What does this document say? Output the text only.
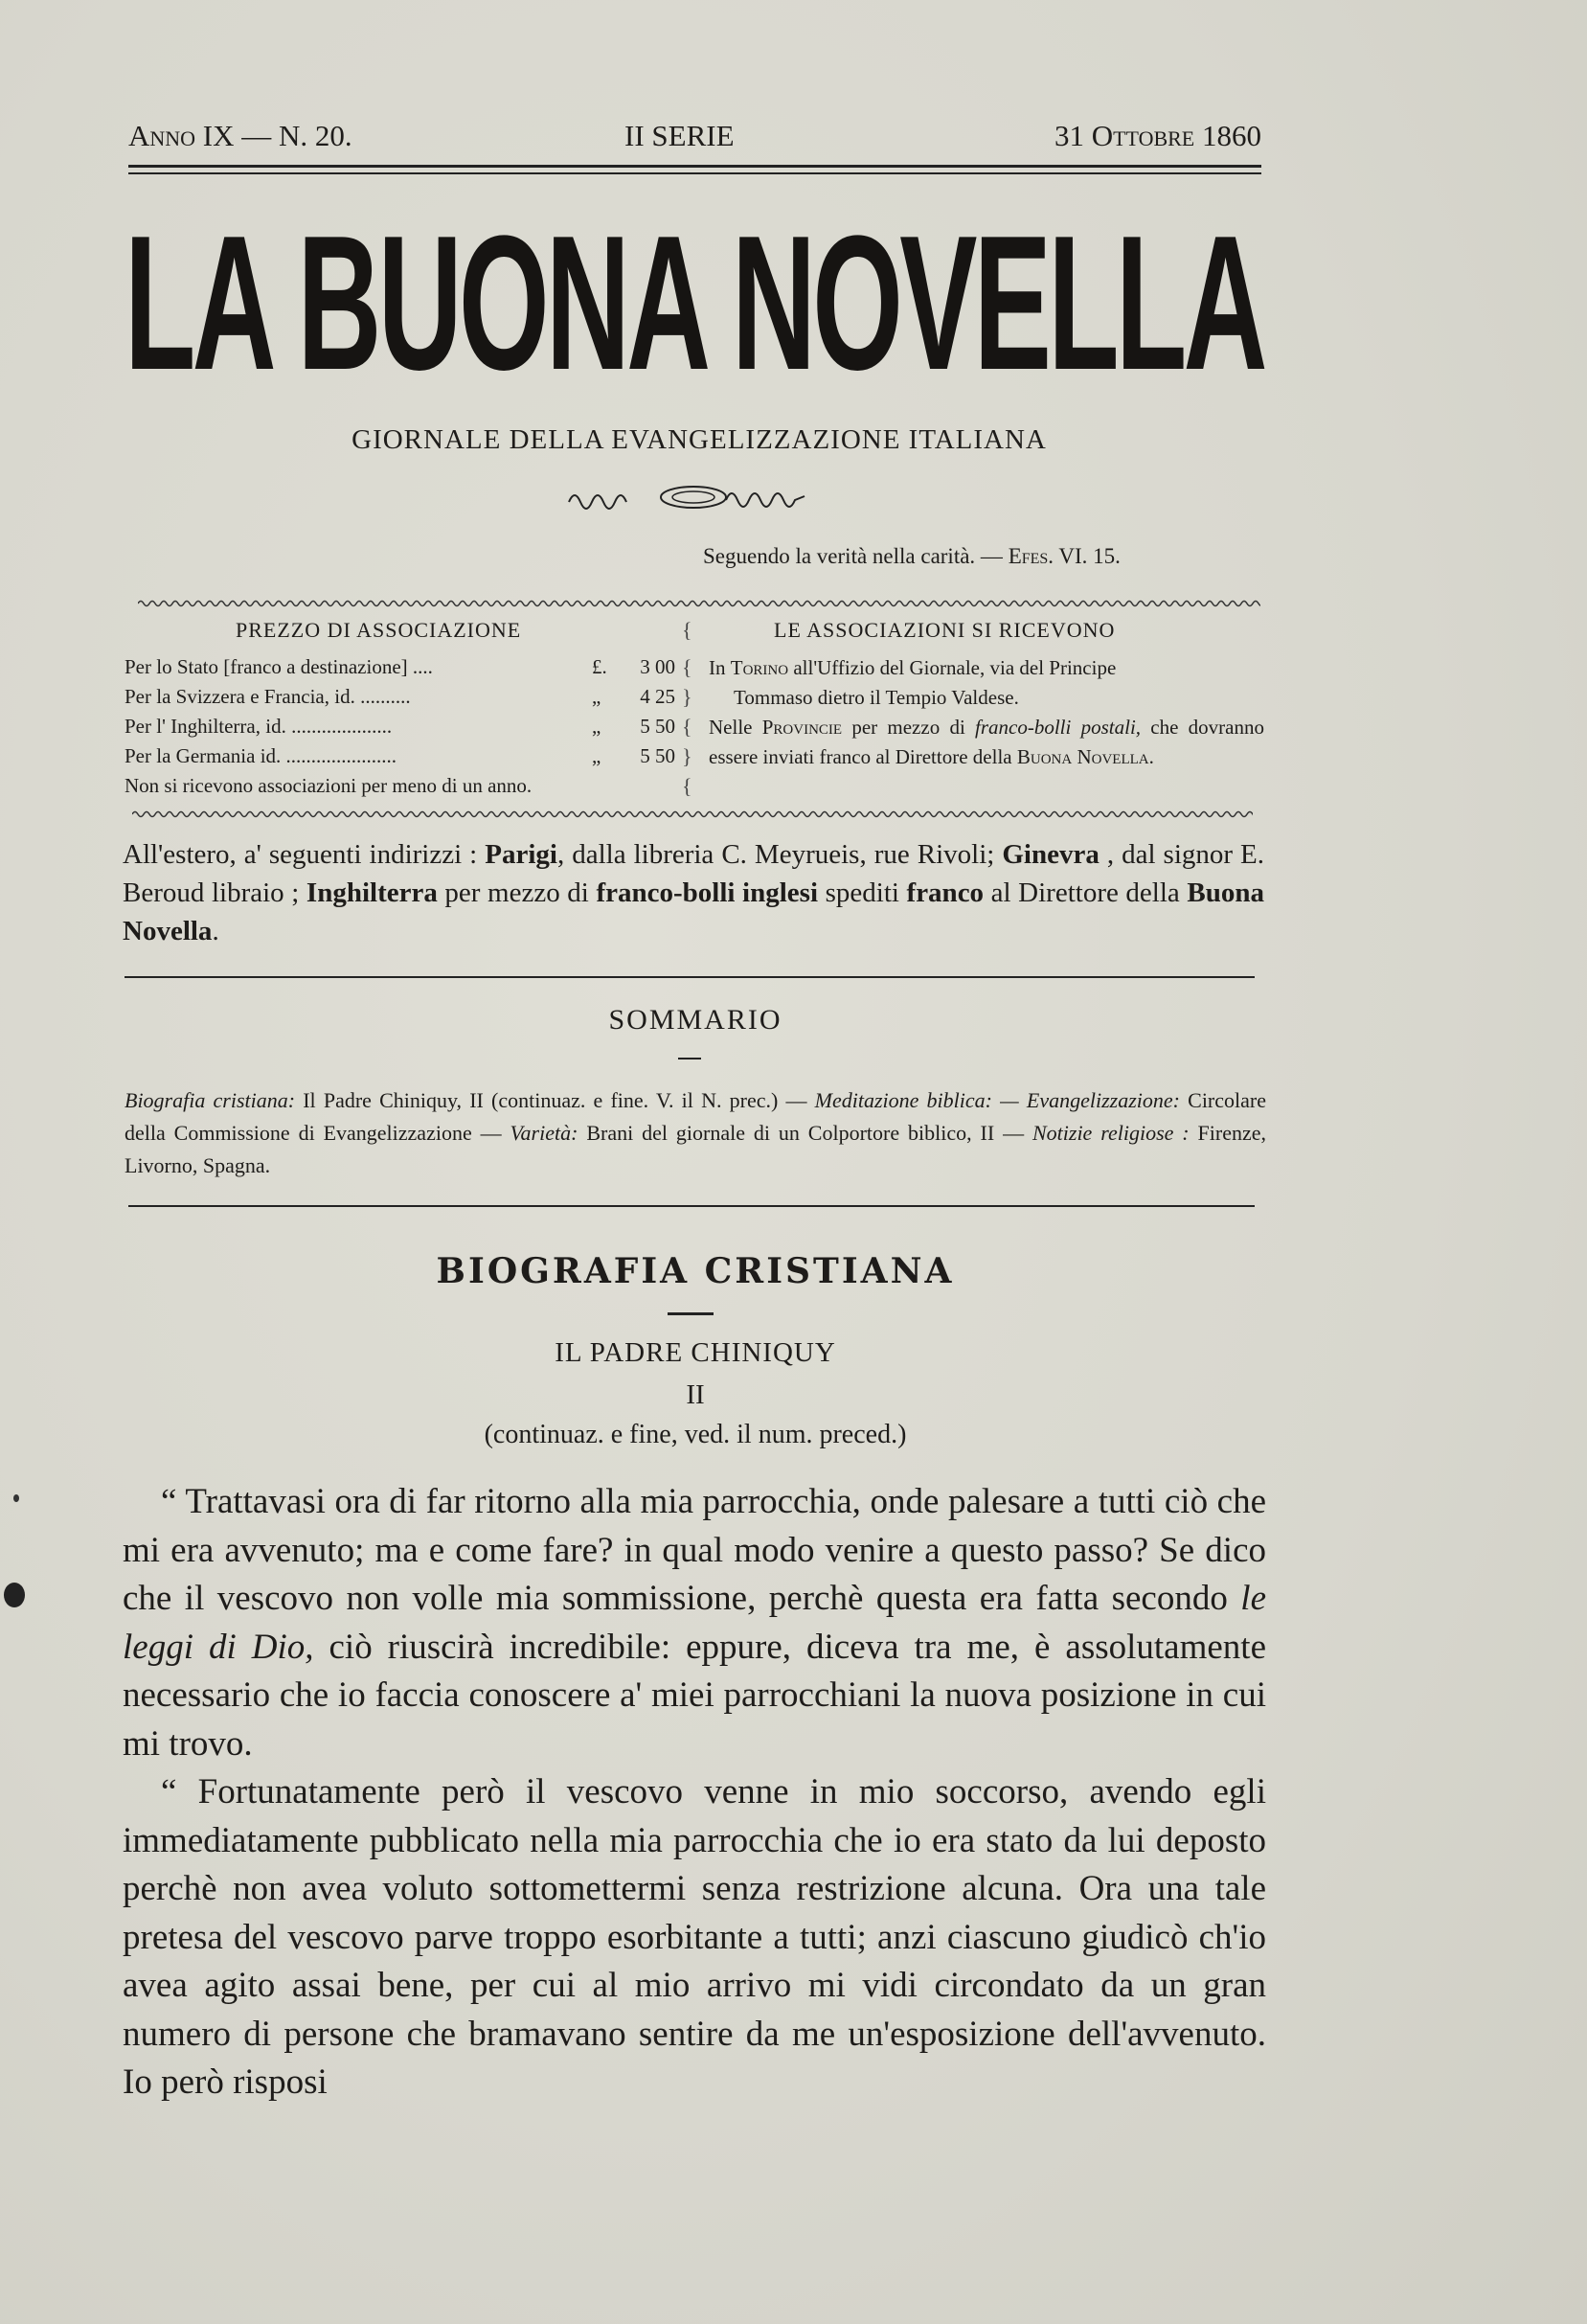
Anno IX — N. 20.	II SERIE	31 Ottobre 1860
LA BUONA NOVELLA
GIORNALE DELLA EVANGELIZZAZIONE ITALIANA
Seguendo la verità nella carità. — Efes. VI. 15.
PREZZO DI ASSOCIAZIONE	LE ASSOCIAZIONI SI RICEVONO
Per lo Stato [franco a destinazione] ....	£. 3 00
Per la Svizzera e Francia, id. ..........	„ 4 25
Per l' Inghilterra, id. ....................	„ 5 50
Per la Germania id. ......................	„ 5 50
Non si ricevono associazioni per meno di un anno.
{
{
}
{
}
{
In Torino all'Uffizio del Giornale, via del Principe
Tommaso dietro il Tempio Valdese.
Nelle Provincie per mezzo di franco-bolli postali, che dovranno essere inviati franco al Direttore della Buona Novella.
All'estero, a' seguenti indirizzi : Parigi, dalla libreria C. Meyrueis, rue Rivoli; Ginevra , dal signor E. Beroud libraio ; Inghilterra per mezzo di franco-bolli inglesi spediti franco al Direttore della Buona Novella.
SOMMARIO
Biografia cristiana: Il Padre Chiniquy, II (continuaz. e fine. V. il N. prec.) — Meditazione biblica: — Evangelizzazione: Circolare della Commissione di Evangelizzazione — Varietà: Brani del giornale di un Colportore biblico, II — Notizie religiose : Firenze, Livorno, Spagna.
BIOGRAFIA CRISTIANA
IL PADRE CHINIQUY
II
(continuaz. e fine, ved. il num. preced.)

“ Trattavasi ora di far ritorno alla mia parrocchia, onde palesare a tutti ciò che mi era avvenuto; ma e come fare? in qual modo venire a questo passo? Se dico che il vescovo non volle mia sommissione, perchè questa era fatta secondo le leggi di Dio, ciò riuscirà incredibile: eppure, diceva tra me, è assolutamente necessario che io faccia conoscere a' miei parrocchiani la nuova posizione in cui mi trovo.

“ Fortunatamente però il vescovo venne in mio soccorso, avendo egli immediatamente pubblicato nella mia parrocchia che io era stato da lui deposto perchè non avea voluto sottomettermi senza restrizione alcuna. Ora una tale pretesa del vescovo parve troppo esorbitante a tutti; anzi ciascuno giudicò ch'io avea agito assai bene, per cui al mio arrivo mi vidi circondato da un gran numero di persone che bramavano sentire da me un'esposizione dell'avvenuto. Io però risposi
